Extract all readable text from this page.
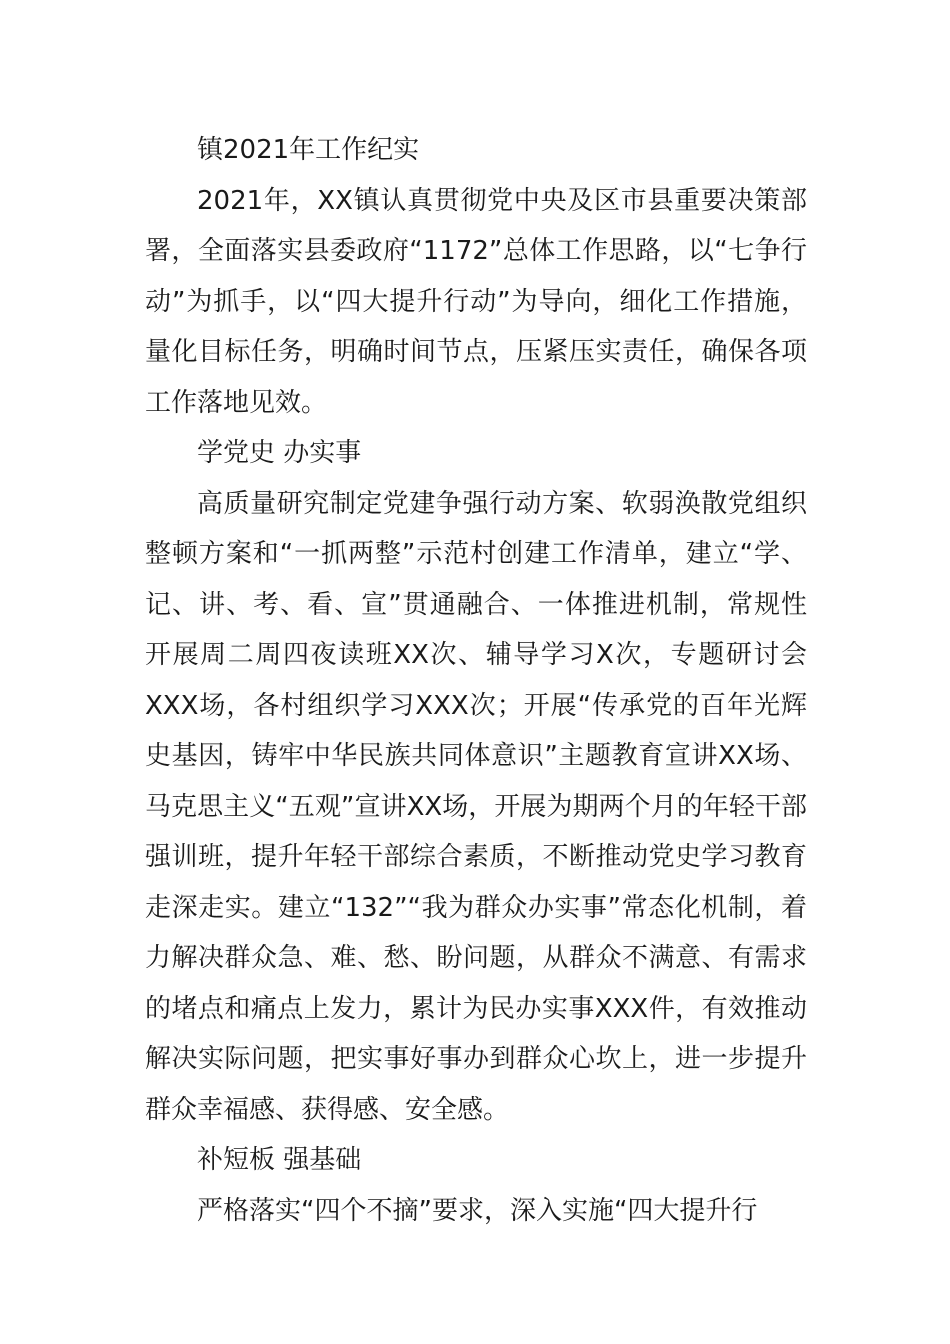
镇2021年工作纪实

2021年，XX镇认真贯彻党中央及区市县重要决策部署，全面落实县委政府“1172”总体工作思路，以“七争行动”为抓手，以“四大提升行动”为导向，细化工作措施，量化目标任务，明确时间节点，压紧压实责任，确保各项工作落地见效。

学党史 办实事

高质量研究制定党建争强行动方案、软弱涣散党组织整顿方案和“一抓两整”示范村创建工作清单，建立“学、记、讲、考、看、宣”贯通融合、一体推进机制，常规性开展周二周四夜读班XX次、辅导学习X次，专题研讨会XXX场，各村组织学习XXX次；开展“传承党的百年光辉史基因，铸牢中华民族共同体意识”主题教育宣讲XX场、马克思主义“五观”宣讲XX场，开展为期两个月的年轻干部强训班，提升年轻干部综合素质，不断推动党史学习教育走深走实。建立“132”“我为群众办实事”常态化机制，着力解决群众急、难、愁、盼问题，从群众不满意、有需求的堵点和痛点上发力，累计为民办实事XXX件，有效推动解决实际问题，把实事好事办到群众心坎上，进一步提升群众幸福感、获得感、安全感。

补短板 强基础

严格落实“四个不摘”要求，深入实施“四大提升行
